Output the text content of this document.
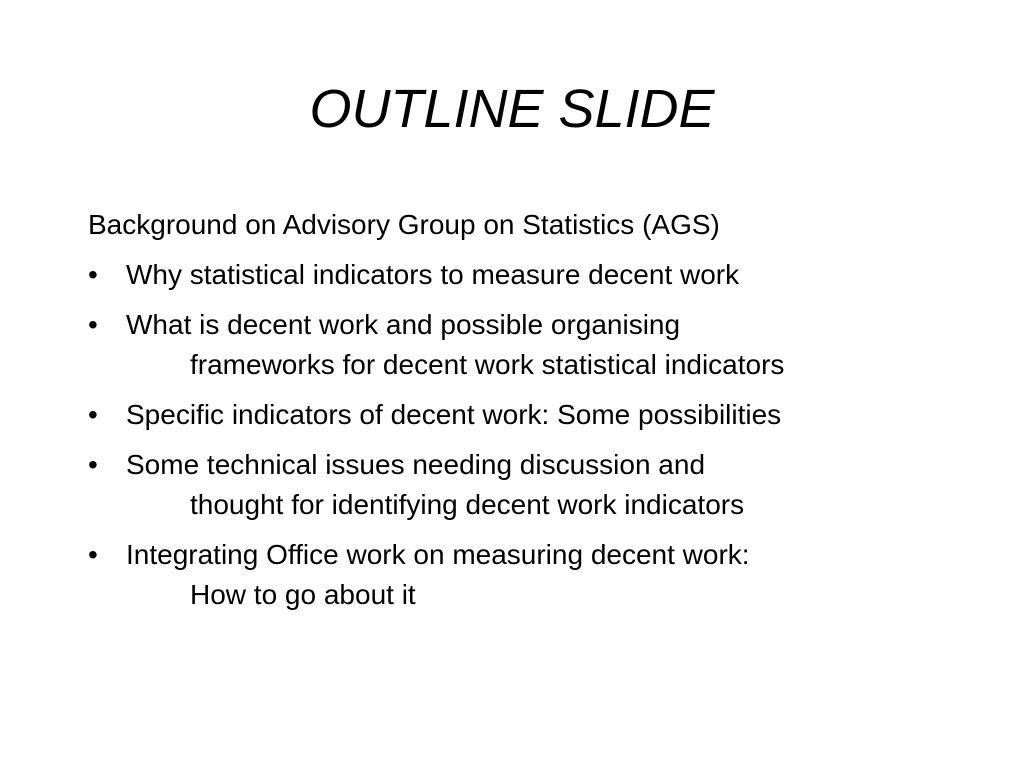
OUTLINE SLIDE

Background on Advisory Group on Statistics (AGS)

•	Why statistical indicators to measure decent work
•	What is decent work and possible organising
frameworks for decent work statistical indicators
•	Specific indicators of decent work: Some possibilities
•	Some technical issues needing discussion and
thought for identifying decent work indicators
•	Integrating Office work on measuring decent work:
How to go about it
